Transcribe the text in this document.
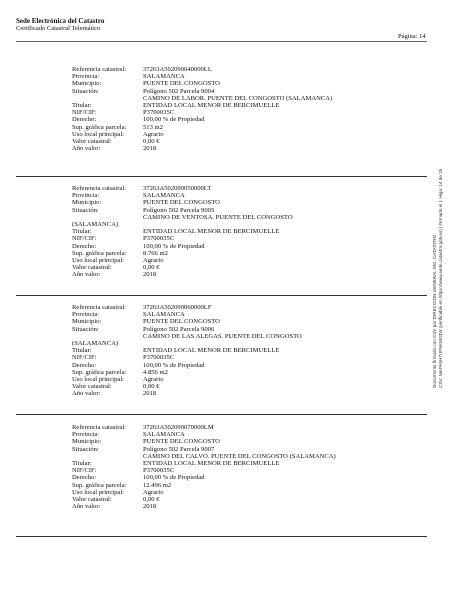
Sede Electrónica del Catastro
Certificado Catastral Telemático
Página: 14
Referencia catastral:	37263A502090040000LL
Provincia:	SALAMANCA
Municipio:	PUENTE DEL CONGOSTO
Situación:	Polígono 502 Parcela 9004
CAMINO DE LABOR. PUENTE DEL CONGOSTO (SALAMANCA)
Titular:	ENTIDAD LOCAL MENOR DE BERCIMUELLE
NIF/CIF:	P3700035C
Derecho:	100,00 % de Propiedad
Sup. gráfica parcela:	513 m2
Uso local principal:	Agrario
Valor catastral:	0,00 €
Año valor:	2018
Referencia catastral:	37263A502090050000LT
Provincia:	SALAMANCA
Municipio:	PUENTE DEL CONGOSTO
Situación:	Polígono 502 Parcela 9005
CAMINO DE VENTOSA. PUENTE DEL CONGOSTO
(SALAMANCA)
Titular:	ENTIDAD LOCAL MENOR DE BERCIMUELLE
NIF/CIF:	P3700035C
Derecho:	100,00 % de Propiedad
Sup. gráfica parcela:	8.766 m2
Uso local principal:	Agrario
Valor catastral:	0,00 €
Año valor:	2018
Referencia catastral:	37263A502090060000LF
Provincia:	SALAMANCA
Municipio:	PUENTE DEL CONGOSTO
Situación:	Polígono 502 Parcela 9006
CAMINO DE LAS ALEGAS. PUENTE DEL CONGOSTO
(SALAMANCA)
Titular:	ENTIDAD LOCAL MENOR DE BERCIMUELLE
NIF/CIF:	P3700035C
Derecho:	100,00 % de Propiedad
Sup. gráfica parcela:	4.856 m2
Uso local principal:	Agrario
Valor catastral:	0,00 €
Año valor:	2018
Referencia catastral:	37263A502090070000LM
Provincia:	SALAMANCA
Municipio:	PUENTE DEL CONGOSTO
Situación:	Polígono 502 Parcela 9007
CAMINO DEL CALVO. PUENTE DEL CONGOSTO (SALAMANCA)
Titular:	ENTIDAD LOCAL MENOR DE BERCIMUELLE
NIF/CIF:	P3700035C
Derecho:	100,00 % de Propiedad
Sup. gráfica parcela:	12.496 m2
Uso local principal:	Agrario
Valor catastral:	0,00 €
Año valor:	2018
Documento firmado con CSV por DIRECCION GENERAL DEL CATASTRO CSV: MAPA5H7UP6KW03W (verificable en https://www.sede.catastro.gob.es) | Firmado el 1 Hoja: 14 de 25
